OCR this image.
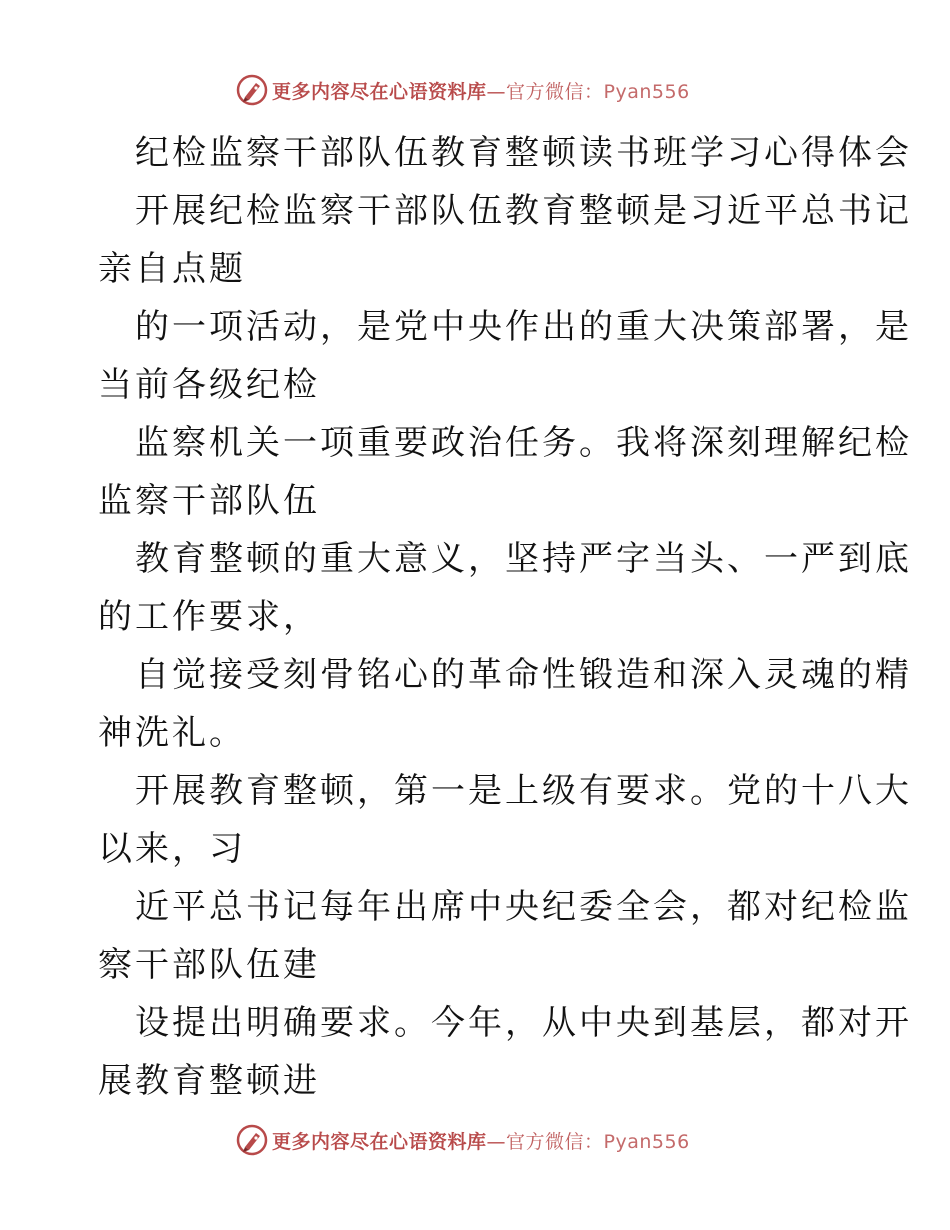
更多内容尽在心语资料库—官方微信：Pyan556
纪检监察干部队伍教育整顿读书班学习心得体会
开展纪检监察干部队伍教育整顿是习近平总书记
亲自点题
的一项活动，是党中央作出的重大决策部署，是
当前各级纪检
监察机关一项重要政治任务。我将深刻理解纪检
监察干部队伍
教育整顿的重大意义，坚持严字当头、一严到底
的工作要求，
自觉接受刻骨铭心的革命性锻造和深入灵魂的精
神洗礼。
开展教育整顿，第一是上级有要求。党的十八大
以来，习
近平总书记每年出席中央纪委全会，都对纪检监
察干部队伍建
设提出明确要求。今年，从中央到基层，都对开
展教育整顿进
更多内容尽在心语资料库—官方微信：Pyan556
